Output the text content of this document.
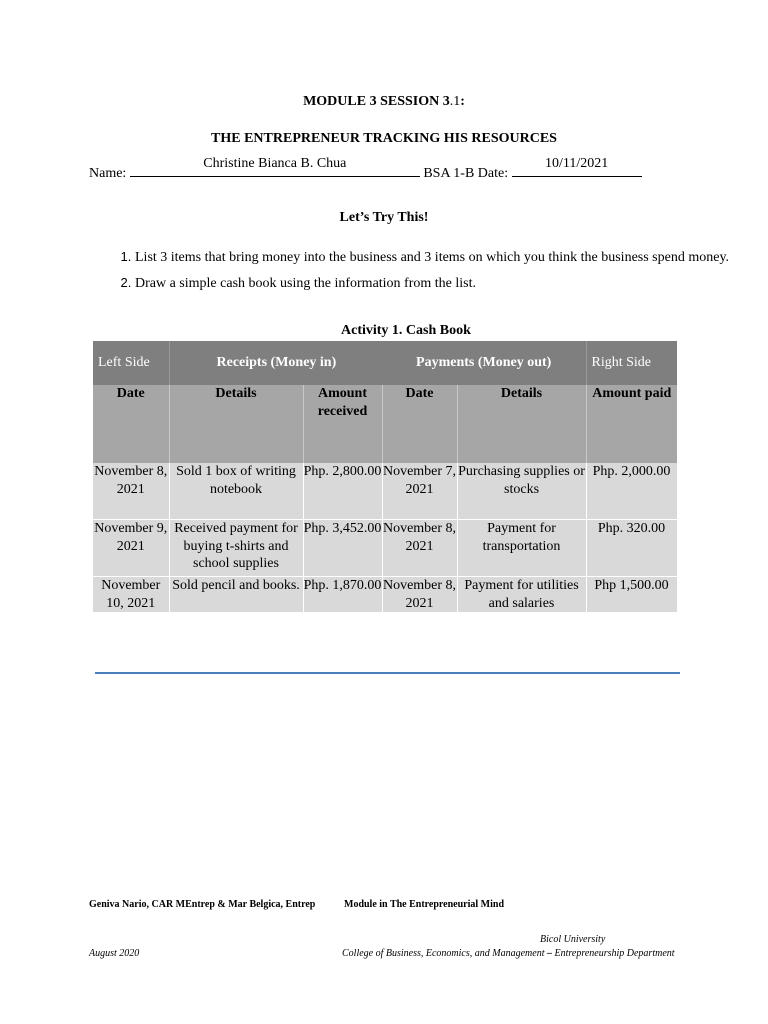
MODULE 3 SESSION 3.1:
THE ENTREPRENEUR TRACKING HIS RESOURCES
Name:
Christine Bianca B. Chua
BSA 1-B Date:
10/11/2021
Let’s Try This!
1. List 3 items that bring money into the business and 3 items on which you think the business spend money.
2. Draw a simple cash book using the information from the list.
Activity 1. Cash Book
Left Side	Receipts (Money in)		Payments (Money out)		Right Side
Date	Details	Amount received	Date	Details	Amount paid
November 8, 2021	Sold 1 box of writing notebook	Php. 2,800.00	November 7, 2021	Purchasing supplies or stocks	Php. 2,000.00
November 9, 2021	Received payment for buying t-shirts and school supplies	Php. 3,452.00	November 8, 2021	Payment for transportation	Php. 320.00
November 10, 2021	Sold pencil and books.	Php. 1,870.00	November 8, 2021	Payment for utilities and salaries	Php 1,500.00
Geniva Nario, CAR MEntrep & Mar Belgica, Entrep	Module in The Entrepreneurial Mind
Bicol University
August 2020	College of Business, Economics, and Management – Entrepreneurship Department
